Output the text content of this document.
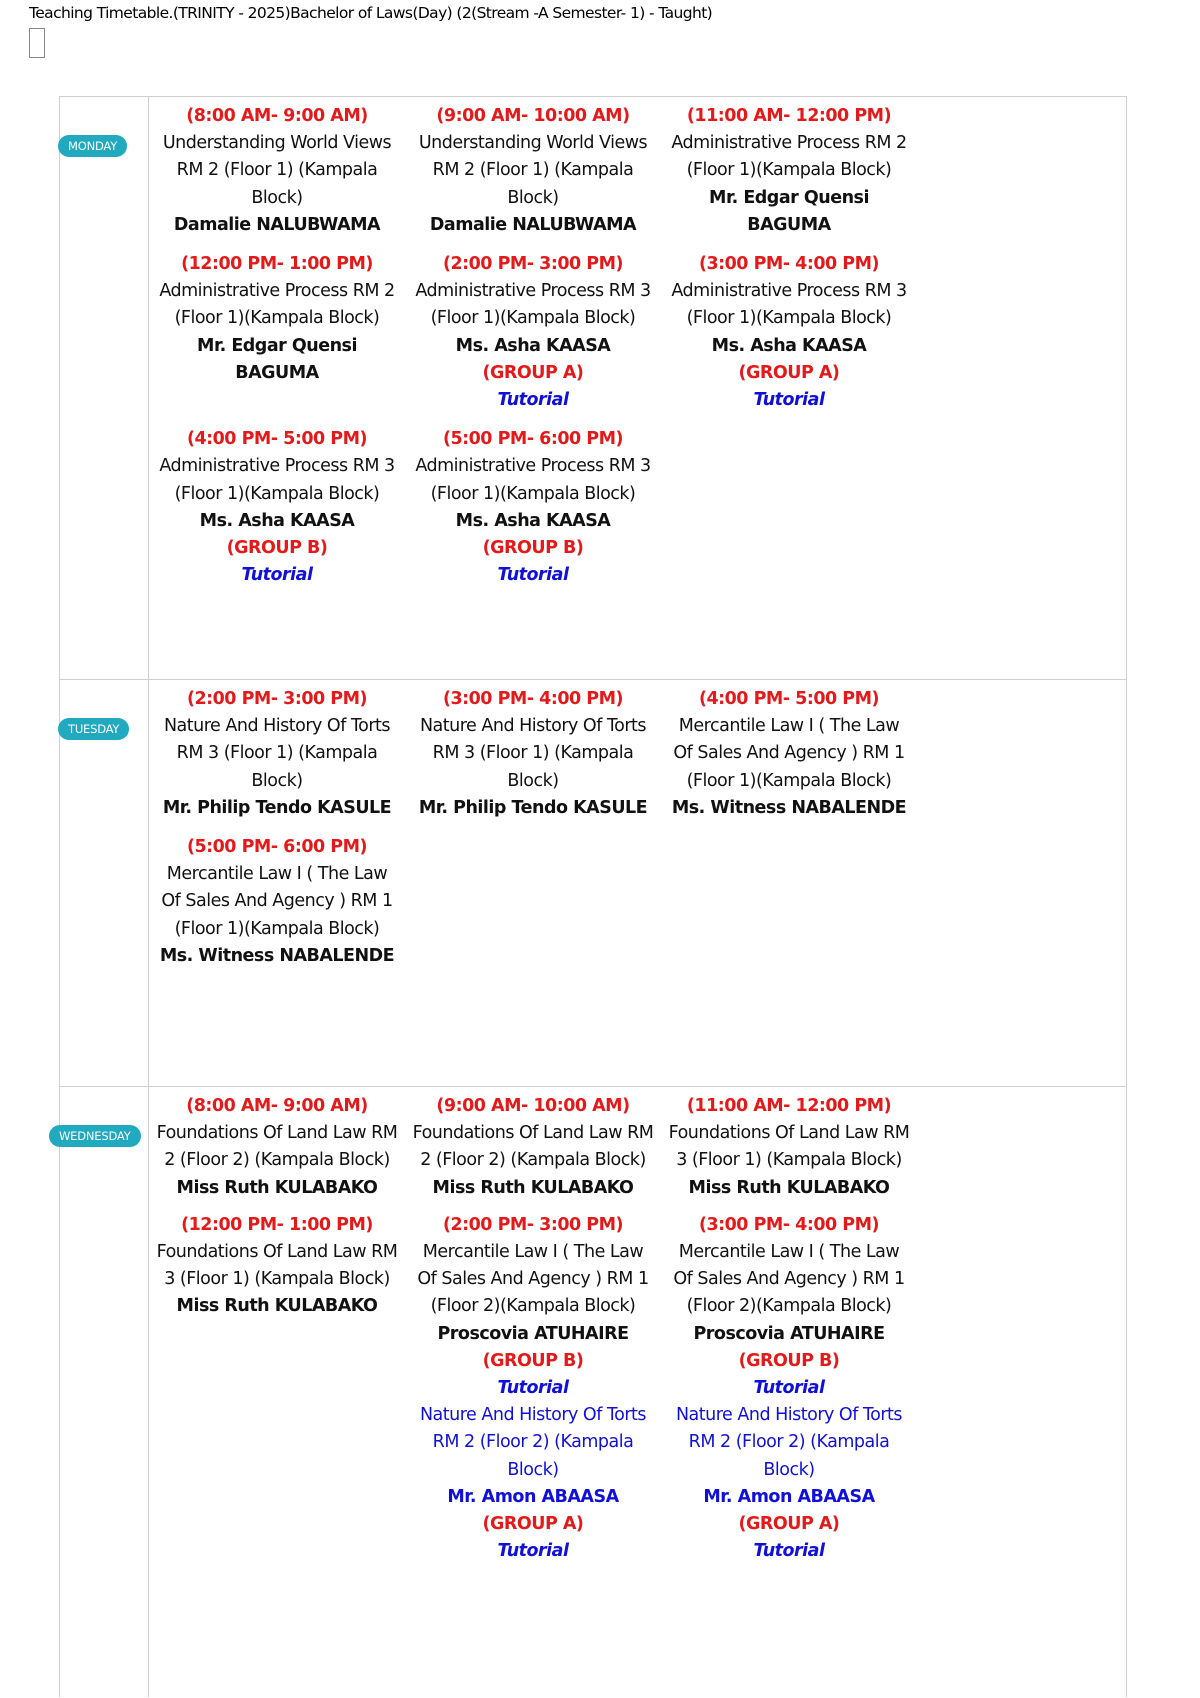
Teaching Timetable.(TRINITY - 2025)Bachelor of Laws(Day) (2(Stream -A Semester- 1) - Taught)
MONDAY
(8:00 AM- 9:00 AM)
Understanding World Views RM 2 (Floor 1) (Kampala Block)
Damalie NALUBWAMA
(9:00 AM- 10:00 AM)
Understanding World Views RM 2 (Floor 1) (Kampala Block)
Damalie NALUBWAMA
(11:00 AM- 12:00 PM)
Administrative Process RM 2 (Floor 1)(Kampala Block)
Mr. Edgar Quensi BAGUMA
(12:00 PM- 1:00 PM)
Administrative Process RM 2 (Floor 1)(Kampala Block)
Mr. Edgar Quensi BAGUMA
(2:00 PM- 3:00 PM)
Administrative Process RM 3 (Floor 1)(Kampala Block)
Ms. Asha KAASA
(GROUP A)
Tutorial
(3:00 PM- 4:00 PM)
Administrative Process RM 3 (Floor 1)(Kampala Block)
Ms. Asha KAASA
(GROUP A)
Tutorial
(4:00 PM- 5:00 PM)
Administrative Process RM 3 (Floor 1)(Kampala Block)
Ms. Asha KAASA
(GROUP B)
Tutorial
(5:00 PM- 6:00 PM)
Administrative Process RM 3 (Floor 1)(Kampala Block)
Ms. Asha KAASA
(GROUP B)
Tutorial
TUESDAY
(2:00 PM- 3:00 PM)
Nature And History Of Torts RM 3 (Floor 1) (Kampala Block)
Mr. Philip Tendo KASULE
(3:00 PM- 4:00 PM)
Nature And History Of Torts RM 3 (Floor 1) (Kampala Block)
Mr. Philip Tendo KASULE
(4:00 PM- 5:00 PM)
Mercantile Law I ( The Law Of Sales And Agency ) RM 1 (Floor 1)(Kampala Block)
Ms. Witness NABALENDE
(5:00 PM- 6:00 PM)
Mercantile Law I ( The Law Of Sales And Agency ) RM 1 (Floor 1)(Kampala Block)
Ms. Witness NABALENDE
WEDNESDAY
(8:00 AM- 9:00 AM)
Foundations Of Land Law RM 2 (Floor 2) (Kampala Block)
Miss Ruth KULABAKO
(9:00 AM- 10:00 AM)
Foundations Of Land Law RM 2 (Floor 2) (Kampala Block)
Miss Ruth KULABAKO
(11:00 AM- 12:00 PM)
Foundations Of Land Law RM 3 (Floor 1) (Kampala Block)
Miss Ruth KULABAKO
(12:00 PM- 1:00 PM)
Foundations Of Land Law RM 3 (Floor 1) (Kampala Block)
Miss Ruth KULABAKO
(2:00 PM- 3:00 PM)
Mercantile Law I ( The Law Of Sales And Agency ) RM 1 (Floor 2)(Kampala Block)
Proscovia ATUHAIRE
(GROUP B)
Tutorial
Nature And History Of Torts RM 2 (Floor 2) (Kampala Block)
Mr. Amon ABAASA
(GROUP A)
Tutorial
(3:00 PM- 4:00 PM)
Mercantile Law I ( The Law Of Sales And Agency ) RM 1 (Floor 2)(Kampala Block)
Proscovia ATUHAIRE
(GROUP B)
Tutorial
Nature And History Of Torts RM 2 (Floor 2) (Kampala Block)
Mr. Amon ABAASA
(GROUP A)
Tutorial
